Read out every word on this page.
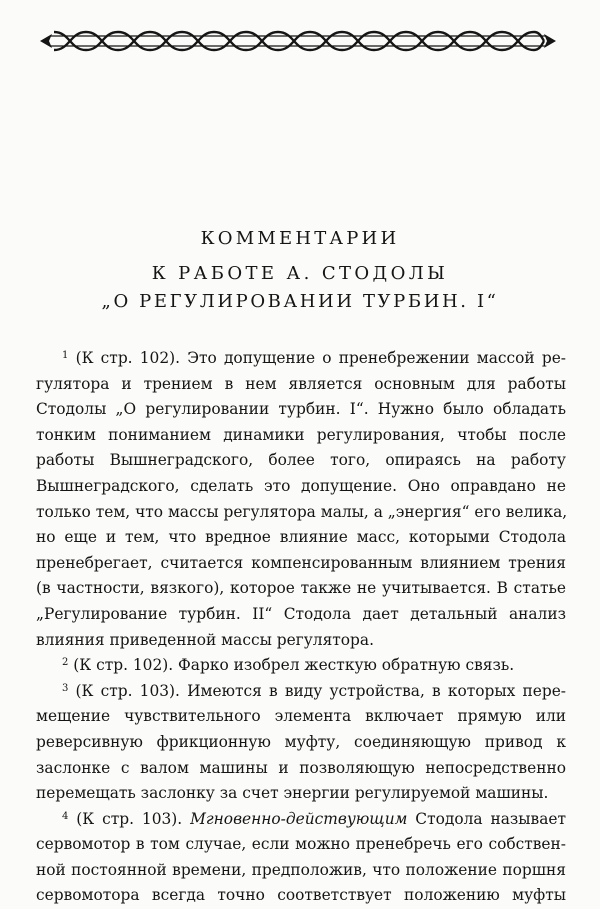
КОММЕНТАРИИ
К РАБОТЕ А. СТОДОЛЫ
„О РЕГУЛИРОВАНИИ ТУРБИН. I“
$^1$ (К стр. 102). Это допущение о пренебрежении массой ре-
гулятора и трением в нем является основным для работы
Стодолы „О регулировании турбин. I“. Нужно было обладать
тонким пониманием динамики регулирования, чтобы после
работы Вышнеградского, более того, опираясь на работу
Вышнеградского, сделать это допущение. Оно оправдано не
только тем, что массы регулятора малы, а „энергия“ его велика,
но еще и тем, что вредное влияние масс, которыми Стодола
пренебрегает, считается компенсированным влиянием трения
(в частности, вязкого), которое также не учитывается. В статье
„Регулирование турбин. II“ Стодола дает детальный анализ
влияния приведенной массы регулятора.
$^2$ (К стр. 102). Фарко изобрел жесткую обратную связь.
$^3$ (К стр. 103). Имеются в виду устройства, в которых пере-
мещение чувствительного элемента включает прямую или
реверсивную фрикционную муфту, соединяющую привод к
заслонке с валом машины и позволяющую непосредственно
перемещать заслонку за счет энергии регулируемой машины.
$^4$ (К стр. 103). Мгновенно-действующим Стодола называет
сервомотор в том случае, если можно пренебречь его собствен-
ной постоянной времени, предположив, что положение поршня
сервомотора всегда точно соответствует положению муфты
